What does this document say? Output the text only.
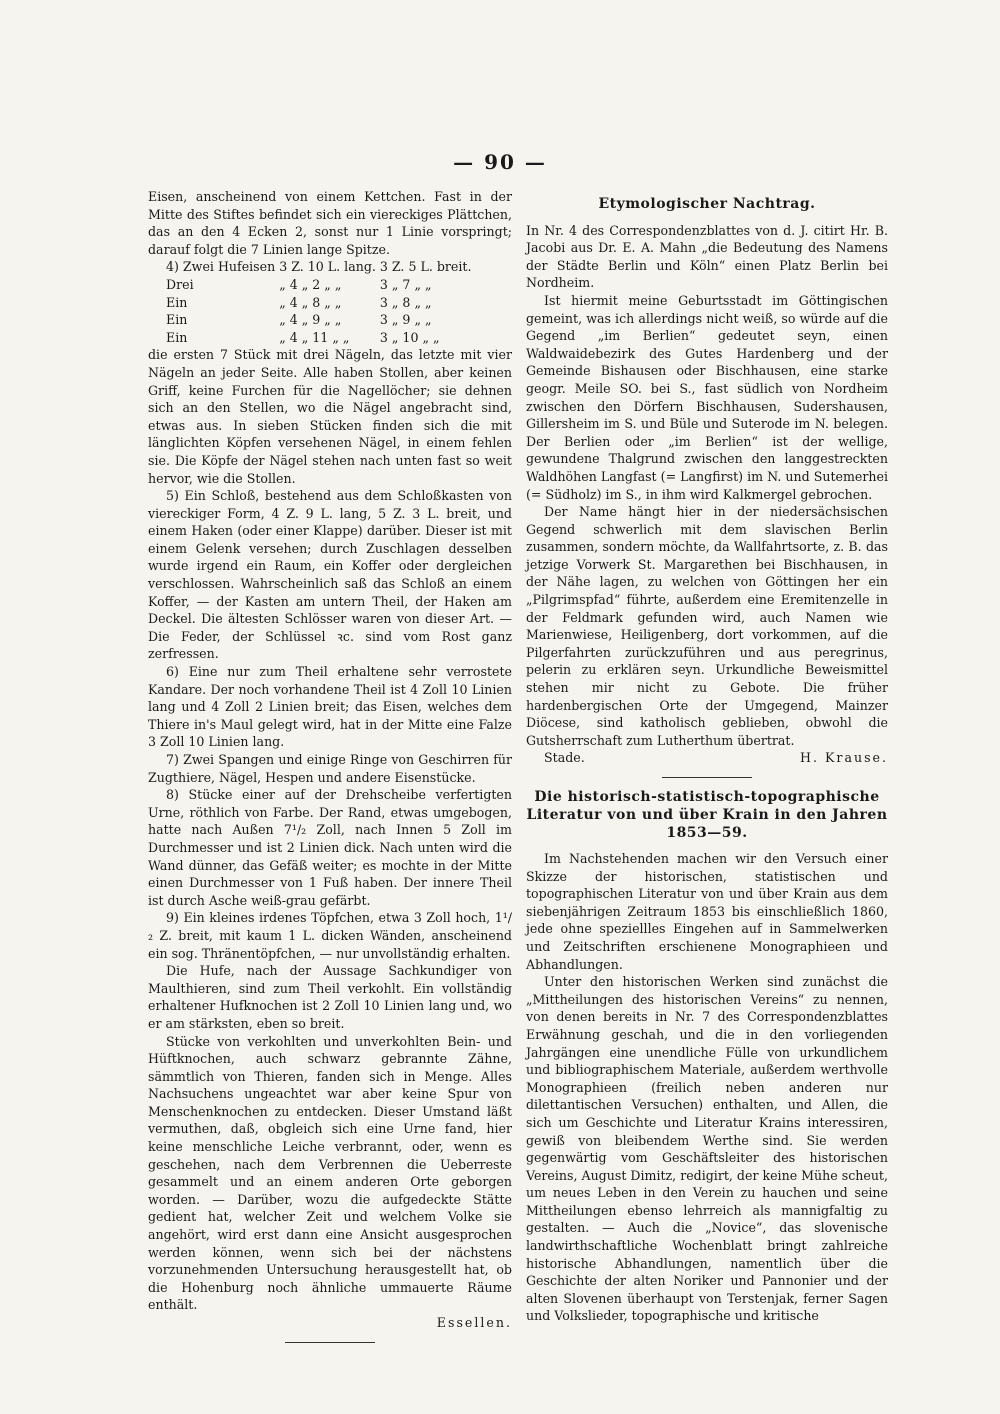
— 90 —

Eisen, anscheinend von einem Kettchen. Fast in der Mitte des Stiftes befindet sich ein viereckiges Plättchen, das an den 4 Ecken 2, sonst nur 1 Linie vorspringt; darauf folgt die 7 Linien lange Spitze.

4) Zwei Hufeisen	3 Z. 10 L. lang.	3 Z. 5 L. breit.
Drei	„ 4 „ 2 „ „	3 „ 7 „ „
Ein	„ 4 „ 8 „ „	3 „ 8 „ „
Ein	„ 4 „ 9 „ „	3 „ 9 „ „
Ein	„ 4 „ 11 „ „	3 „ 10 „ „

die ersten 7 Stück mit drei Nägeln, das letzte mit vier Nägeln an jeder Seite. Alle haben Stollen, aber keinen Griff, keine Furchen für die Nagellöcher; sie dehnen sich an den Stellen, wo die Nägel angebracht sind, etwas aus. In sieben Stücken finden sich die mit länglichten Köpfen versehenen Nägel, in einem fehlen sie. Die Köpfe der Nägel stehen nach unten fast so weit hervor, wie die Stollen.

5) Ein Schloß, bestehend aus dem Schloßkasten von viereckiger Form, 4 Z. 9 L. lang, 5 Z. 3 L. breit, und einem Haken (oder einer Klappe) darüber. Dieser ist mit einem Gelenk versehen; durch Zuschlagen desselben wurde irgend ein Raum, ein Koffer oder dergleichen verschlossen. Wahrscheinlich saß das Schloß an einem Koffer, — der Kasten am untern Theil, der Haken am Deckel. Die ältesten Schlösser waren von dieser Art. — Die Feder, der Schlüssel ꝛc. sind vom Rost ganz zerfressen.

6) Eine nur zum Theil erhaltene sehr verrostete Kandare. Der noch vorhandene Theil ist 4 Zoll 10 Linien lang und 4 Zoll 2 Linien breit; das Eisen, welches dem Thiere in's Maul gelegt wird, hat in der Mitte eine Falze 3 Zoll 10 Linien lang.

7) Zwei Spangen und einige Ringe von Geschirren für Zugthiere, Nägel, Hespen und andere Eisenstücke.

8) Stücke einer auf der Drehscheibe verfertigten Urne, röthlich von Farbe. Der Rand, etwas umgebogen, hatte nach Außen 7¹/₂ Zoll, nach Innen 5 Zoll im Durchmesser und ist 2 Linien dick. Nach unten wird die Wand dünner, das Gefäß weiter; es mochte in der Mitte einen Durchmesser von 1 Fuß haben. Der innere Theil ist durch Asche weiß-grau gefärbt.

9) Ein kleines irdenes Töpfchen, etwa 3 Zoll hoch, 1¹/₂ Z. breit, mit kaum 1 L. dicken Wänden, anscheinend ein sog. Thränentöpfchen, — nur unvollständig erhalten.

Die Hufe, nach der Aussage Sachkundiger von Maulthieren, sind zum Theil verkohlt. Ein vollständig erhaltener Hufknochen ist 2 Zoll 10 Linien lang und, wo er am stärksten, eben so breit.

Stücke von verkohlten und unverkohlten Bein- und Hüftknochen, auch schwarz gebrannte Zähne, sämmtlich von Thieren, fanden sich in Menge. Alles Nachsuchens ungeachtet war aber keine Spur von Menschenknochen zu entdecken. Dieser Umstand läßt vermuthen, daß, obgleich sich eine Urne fand, hier keine menschliche Leiche verbrannt, oder, wenn es geschehen, nach dem Verbrennen die Ueberreste gesammelt und an einem anderen Orte geborgen worden. — Darüber, wozu die aufgedeckte Stätte gedient hat, welcher Zeit und welchem Volke sie angehört, wird erst dann eine Ansicht ausgesprochen werden können, wenn sich bei der nächstens vorzunehmenden Untersuchung herausgestellt hat, ob die Hohenburg noch ähnliche ummauerte Räume enthält.

Essellen.
Etymologischer Nachtrag.

In Nr. 4 des Correspondenzblattes von d. J. citirt Hr. B. Jacobi aus Dr. E. A. Mahn „die Bedeutung des Namens der Städte Berlin und Köln“ einen Platz Berlin bei Nordheim.

Ist hiermit meine Geburtsstadt im Göttingischen gemeint, was ich allerdings nicht weiß, so würde auf die Gegend „im Berlien“ gedeutet seyn, einen Waldwaidebezirk des Gutes Hardenberg und der Gemeinde Bishausen oder Bischhausen, eine starke geogr. Meile SO. bei S., fast südlich von Nordheim zwischen den Dörfern Bischhausen, Sudershausen, Gillersheim im S. und Büle und Suterode im N. belegen. Der Berlien oder „im Berlien“ ist der wellige, gewundene Thalgrund zwischen den langgestreckten Waldhöhen Langfast (= Langfirst) im N. und Sutemerhei (= Südholz) im S., in ihm wird Kalkmergel gebrochen.

Der Name hängt hier in der niedersächsischen Gegend schwerlich mit dem slavischen Berlin zusammen, sondern möchte, da Wallfahrtsorte, z. B. das jetzige Vorwerk St. Margarethen bei Bischhausen, in der Nähe lagen, zu welchen von Göttingen her ein „Pilgrimspfad“ führte, außerdem eine Eremitenzelle in der Feldmark gefunden wird, auch Namen wie Marienwiese, Heiligenberg, dort vorkommen, auf die Pilgerfahrten zurückzuführen und aus peregrinus, pelerin zu erklären seyn. Urkundliche Beweismittel stehen mir nicht zu Gebote. Die früher hardenbergischen Orte der Umgegend, Mainzer Diöcese, sind katholisch geblieben, obwohl die Gutsherrschaft zum Lutherthum übertrat.

Stade.	H. Krause.
Die historisch-statistisch-topographische Literatur von und über Krain in den Jahren 1853—59.

Im Nachstehenden machen wir den Versuch einer Skizze der historischen, statistischen und topographischen Literatur von und über Krain aus dem siebenjährigen Zeitraum 1853 bis einschließlich 1860, jede ohne speziellles Eingehen auf in Sammelwerken und Zeitschriften erschienene Monographieen und Abhandlungen.

Unter den historischen Werken sind zunächst die „Mittheilungen des historischen Vereins“ zu nennen, von denen bereits in Nr. 7 des Correspondenzblattes Erwähnung geschah, und die in den vorliegenden Jahrgängen eine unendliche Fülle von urkundlichem und bibliographischem Materiale, außerdem werthvolle Monographieen (freilich neben anderen nur dilettantischen Versuchen) enthalten, und Allen, die sich um Geschichte und Literatur Krains interessiren, gewiß von bleibendem Werthe sind. Sie werden gegenwärtig vom Geschäftsleiter des historischen Vereins, August Dimitz, redigirt, der keine Mühe scheut, um neues Leben in den Verein zu hauchen und seine Mittheilungen ebenso lehrreich als mannigfaltig zu gestalten. — Auch die „Novice“, das slovenische landwirthschaftliche Wochenblatt bringt zahlreiche historische Abhandlungen, namentlich über die Geschichte der alten Noriker und Pannonier und der alten Slovenen überhaupt von Terstenjak, ferner Sagen und Volkslieder, topographische und kritische
